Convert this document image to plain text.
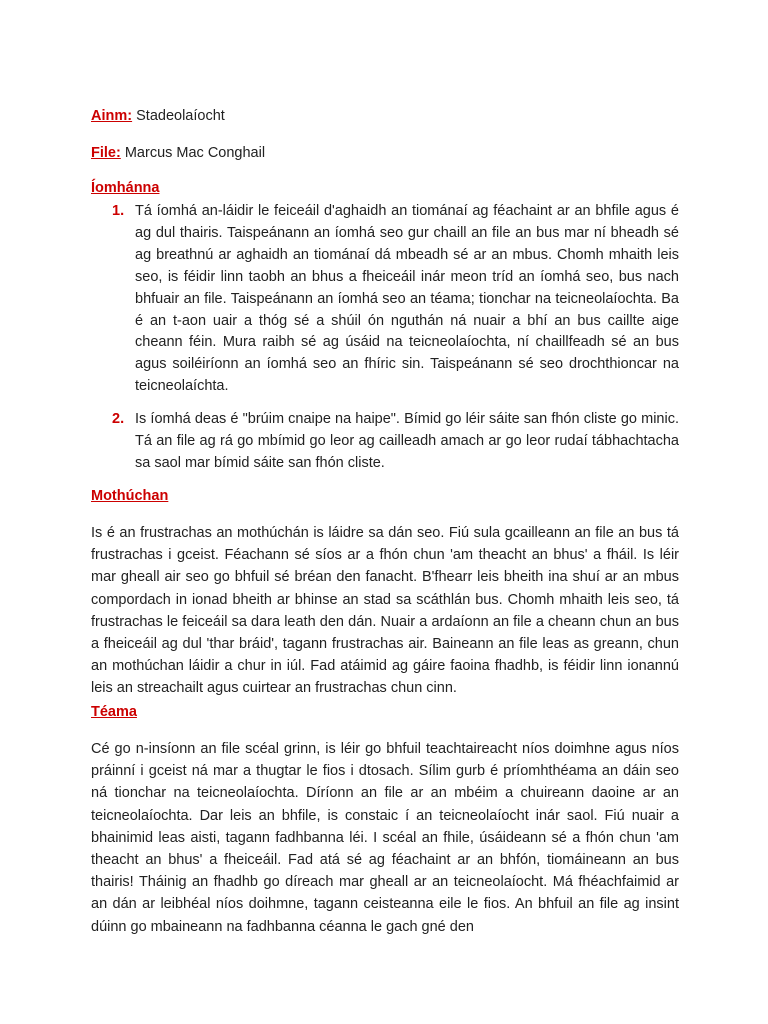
Ainm: Stadeolaíocht
File: Marcus Mac Conghail
Íomhánna
1. Tá íomhá an-láidir le feiceáil d'aghaidh an tiománaí ag féachaint ar an bhfile agus é ag dul thairis. Taispeánann an íomhá seo gur chaill an file an bus mar ní bheadh sé ag breathnú ar aghaidh an tiománaí dá mbeadh sé ar an mbus. Chomh mhaith leis seo, is féidir linn taobh an bhus a fheiceáil inár meon tríd an íomhá seo, bus nach bhfuair an file. Taispeánann an íomhá seo an téama; tionchar na teicneolaíochta. Ba é an t-aon uair a thóg sé a shúil ón nguthán ná nuair a bhí an bus caillte aige cheann féin. Mura raibh sé ag úsáid na teicneolaíochta, ní chaillfeadh sé an bus agus soiléiríonn an íomhá seo an fhíric sin. Taispeánann sé seo drochthioncar na teicneolaíchta.
2. Is íomhá deas é "brúim cnaipe na haipe". Bímid go léir sáite san fhón cliste go minic. Tá an file ag rá go mbímid go leor ag cailleadh amach ar go leor rudaí tábhachtacha sa saol mar bímid sáite san fhón cliste.
Mothúchan
Is é an frustrachas an mothúchán is láidre sa dán seo. Fiú sula gcailleann an file an bus tá frustrachas i gceist. Féachann sé síos ar a fhón chun 'am theacht an bhus' a fháil. Is léir mar gheall air seo go bhfuil sé bréan den fanacht. B'fhearr leis bheith ina shuí ar an mbus compordach in ionad bheith ar bhinse an stad sa scáthlán bus. Chomh mhaith leis seo, tá frustrachas le feiceáil sa dara leath den dán. Nuair a ardaíonn an file a cheann chun an bus a fheiceáil ag dul 'thar bráid', tagann frustrachas air. Baineann an file leas as greann, chun an mothúchan láidir a chur in iúl. Fad atáimid ag gáire faoina fhadhb, is féidir linn ionannú leis an streachailt agus cuirtear an frustrachas chun cinn.
Téama
Cé go n-insíonn an file scéal grinn, is léir go bhfuil teachtaireacht níos doimhne agus níos práinní i gceist ná mar a thugtar le fios i dtosach. Sílim gurb é príomhthéama an dáin seo ná tionchar na teicneolaíochta. Díríonn an file ar an mbéim a chuireann daoine ar an teicneolaíochta. Dar leis an bhfile, is constaic í an teicneolaíocht inár saol. Fiú nuair a bhainimid leas aisti, tagann fadhbanna léi. I scéal an fhile, úsáideann sé a fhón chun 'am theacht an bhus' a fheiceáil. Fad atá sé ag féachaint ar an bhfón, tiomáineann an bus thairis! Tháinig an fhadhb go díreach mar gheall ar an teicneolaíocht. Má fhéachfaimid ar an dán ar leibhéal níos doihmne, tagann ceisteanna eile le fios. An bhfuil an file ag insint dúinn go mbaineann na fadhbanna céanna le gach gné den
